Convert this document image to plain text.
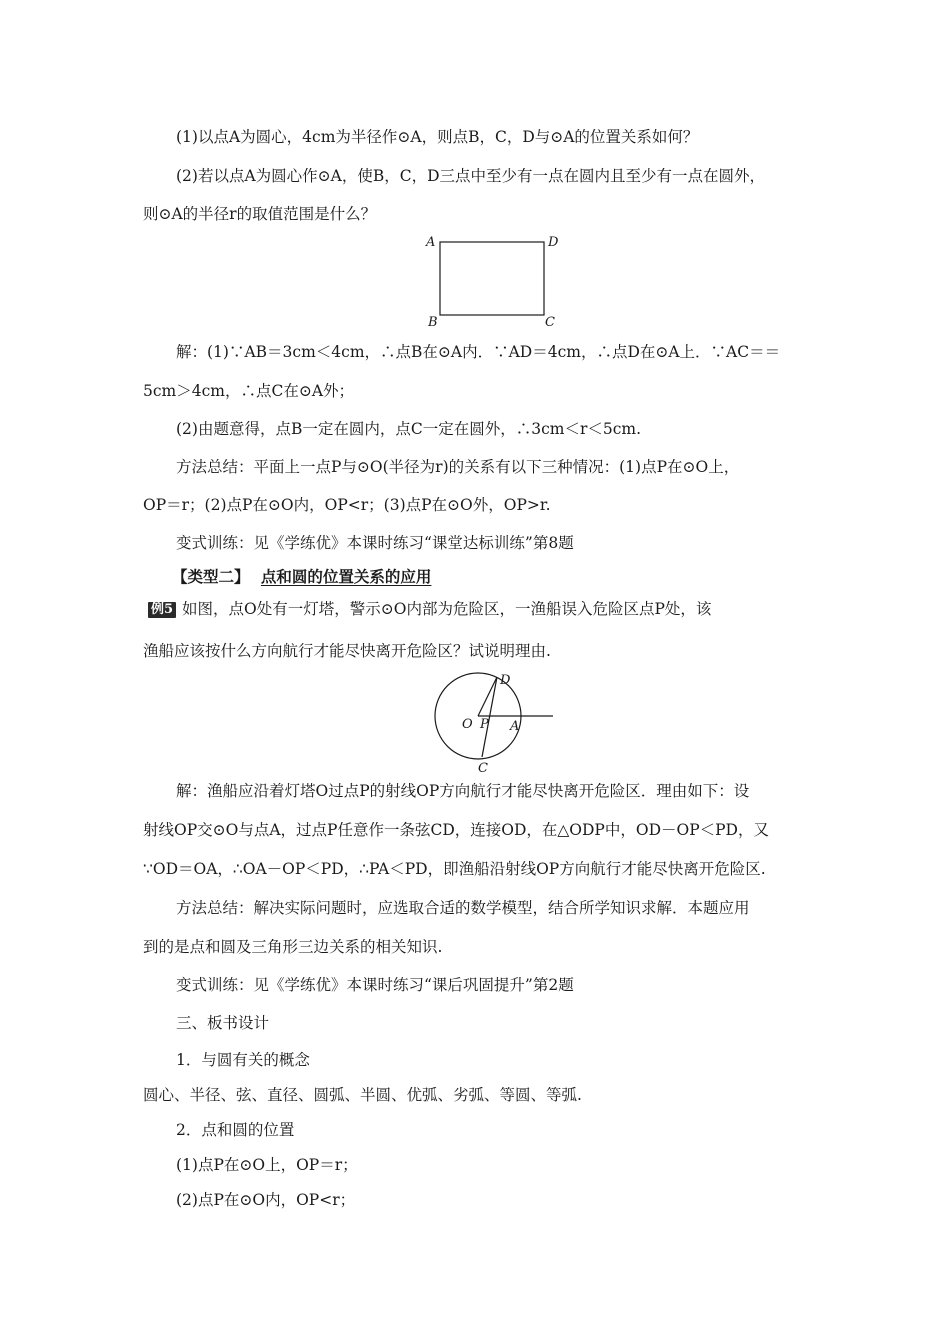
(1)以点A为圆心，4cm为半径作⊙A，则点B，C，D与⊙A的位置关系如何？
(2)若以点A为圆心作⊙A，使B，C，D三点中至少有一点在圆内且至少有一点在圆外，
则⊙A的半径r的取值范围是什么？
A	D
B	C
解：(1)∵AB＝3cm＜4cm，∴点B在⊙A内．∵AD＝4cm，∴点D在⊙A上．∵AC＝＝
5cm＞4cm，∴点C在⊙A外；
(2)由题意得，点B一定在圆内，点C一定在圆外，∴3cm＜r＜5cm.
方法总结：平面上一点P与⊙O(半径为r)的关系有以下三种情况：(1)点P在⊙O上，
OP＝r；(2)点P在⊙O内，OP<r；(3)点P在⊙O外，OP>r.
变式训练：见《学练优》本课时练习“课堂达标训练”第8题
【类型二】 点和圆的位置关系的应用
例5 如图，点O处有一灯塔，警示⊙O内部为危险区，一渔船误入危险区点P处，该
渔船应该按什么方向航行才能尽快离开危险区？试说明理由.
O P A
D
C
解：渔船应沿着灯塔O过点P的射线OP方向航行才能尽快离开危险区．理由如下：设
射线OP交⊙O与点A，过点P任意作一条弦CD，连接OD，在△ODP中，OD－OP＜PD，又
∵OD＝OA，∴OA－OP＜PD，∴PA＜PD，即渔船沿射线OP方向航行才能尽快离开危险区.
方法总结：解决实际问题时，应选取合适的数学模型，结合所学知识求解．本题应用
到的是点和圆及三角形三边关系的相关知识.
变式训练：见《学练优》本课时练习“课后巩固提升”第2题
三、板书设计
1．与圆有关的概念
圆心、半径、弦、直径、圆弧、半圆、优弧、劣弧、等圆、等弧.
2．点和圆的位置
(1)点P在⊙O上，OP＝r；
(2)点P在⊙O内，OP<r；
